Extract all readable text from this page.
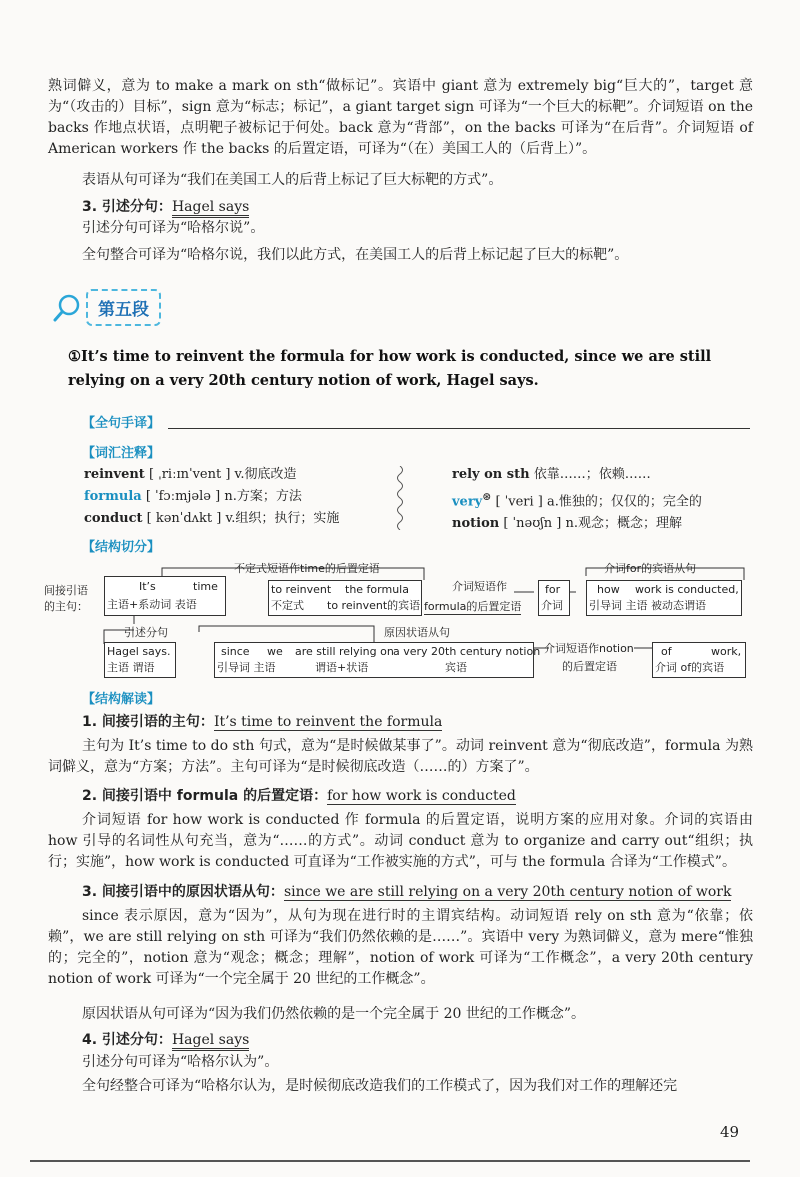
熟词僻义，意为 to make a mark on sth“做标记”。宾语中 giant 意为 extremely big“巨大的”，target 意为“（攻击的）目标”，sign 意为“标志；标记”，a giant target sign 可译为“一个巨大的标靶”。介词短语 on the backs 作地点状语，点明靶子被标记于何处。back 意为“背部”，on the backs 可译为“在后背”。介词短语 of American workers 作 the backs 的后置定语，可译为“（在）美国工人的（后背上）”。

表语从句可译为“我们在美国工人的后背上标记了巨大标靶的方式”。

3. 引述分句：Hagel says

引述分句可译为“哈格尔说”。

全句整合可译为“哈格尔说，我们以此方式，在美国工人的后背上标记起了巨大的标靶”。

第五段
①It’s time to reinvent the formula for how work is conducted, since we are still relying on a very 20th century notion of work, Hagel says.
【全句手译】
【词汇注释】
reinvent [ ˌriːɪnˈvent ] v.彻底改造
formula [ ˈfɔːmjələ ] n.方案；方法
conduct [ kənˈdʌkt ] v.组织；执行；实施
rely on sth 依靠……；依赖……
very⊛ [ ˈveri ] a.惟独的；仅仅的；完全的
notion [ ˈnəʊʃn ] n.观念；概念；理解
【结构切分】
间接引语
的主句：
不定式短语作time的后置定语	介词for的宾语从句
介词短语作
It’s	time
主语+系动词 表语
to reinvent the formula
不定式 to reinvent的宾语 formula的后置定语
for
介词
how work is conducted,
引导词 主语 被动态谓语
引述分句	原因状语从句
Hagel says.
主语 谓语
since we are still relying on a very 20th century notion
引导词 主语	谓语+状语	宾语
介词短语作notion
的后置定语
of	work,
介词 of的宾语
【结构解读】

1. 间接引语的主句：It’s time to reinvent the formula

主句为 It’s time to do sth 句式，意为“是时候做某事了”。动词 reinvent 意为“彻底改造”，formula 为熟词僻义，意为“方案；方法”。主句可译为“是时候彻底改造（……的）方案了”。

2. 间接引语中 formula 的后置定语：for how work is conducted

介词短语 for how work is conducted 作 formula 的后置定语，说明方案的应用对象。介词的宾语由 how 引导的名词性从句充当，意为“……的方式”。动词 conduct 意为 to organize and carry out“组织；执行；实施”，how work is conducted 可直译为“工作被实施的方式”，可与 the formula 合译为“工作模式”。

3. 间接引语中的原因状语从句：since we are still relying on a very 20th century notion of work

since 表示原因，意为“因为”，从句为现在进行时的主谓宾结构。动词短语 rely on sth 意为“依靠；依赖”，we are still relying on sth 可译为“我们仍然依赖的是……”。宾语中 very 为熟词僻义，意为 mere“惟独的；完全的”，notion 意为“观念；概念；理解”，notion of work 可译为“工作概念”，a very 20th century notion of work 可译为“一个完全属于 20 世纪的工作概念”。

原因状语从句可译为“因为我们仍然依赖的是一个完全属于 20 世纪的工作概念”。

4. 引述分句：Hagel says

引述分句可译为“哈格尔认为”。

全句经整合可译为“哈格尔认为，是时候彻底改造我们的工作模式了，因为我们对工作的理解还完

49
